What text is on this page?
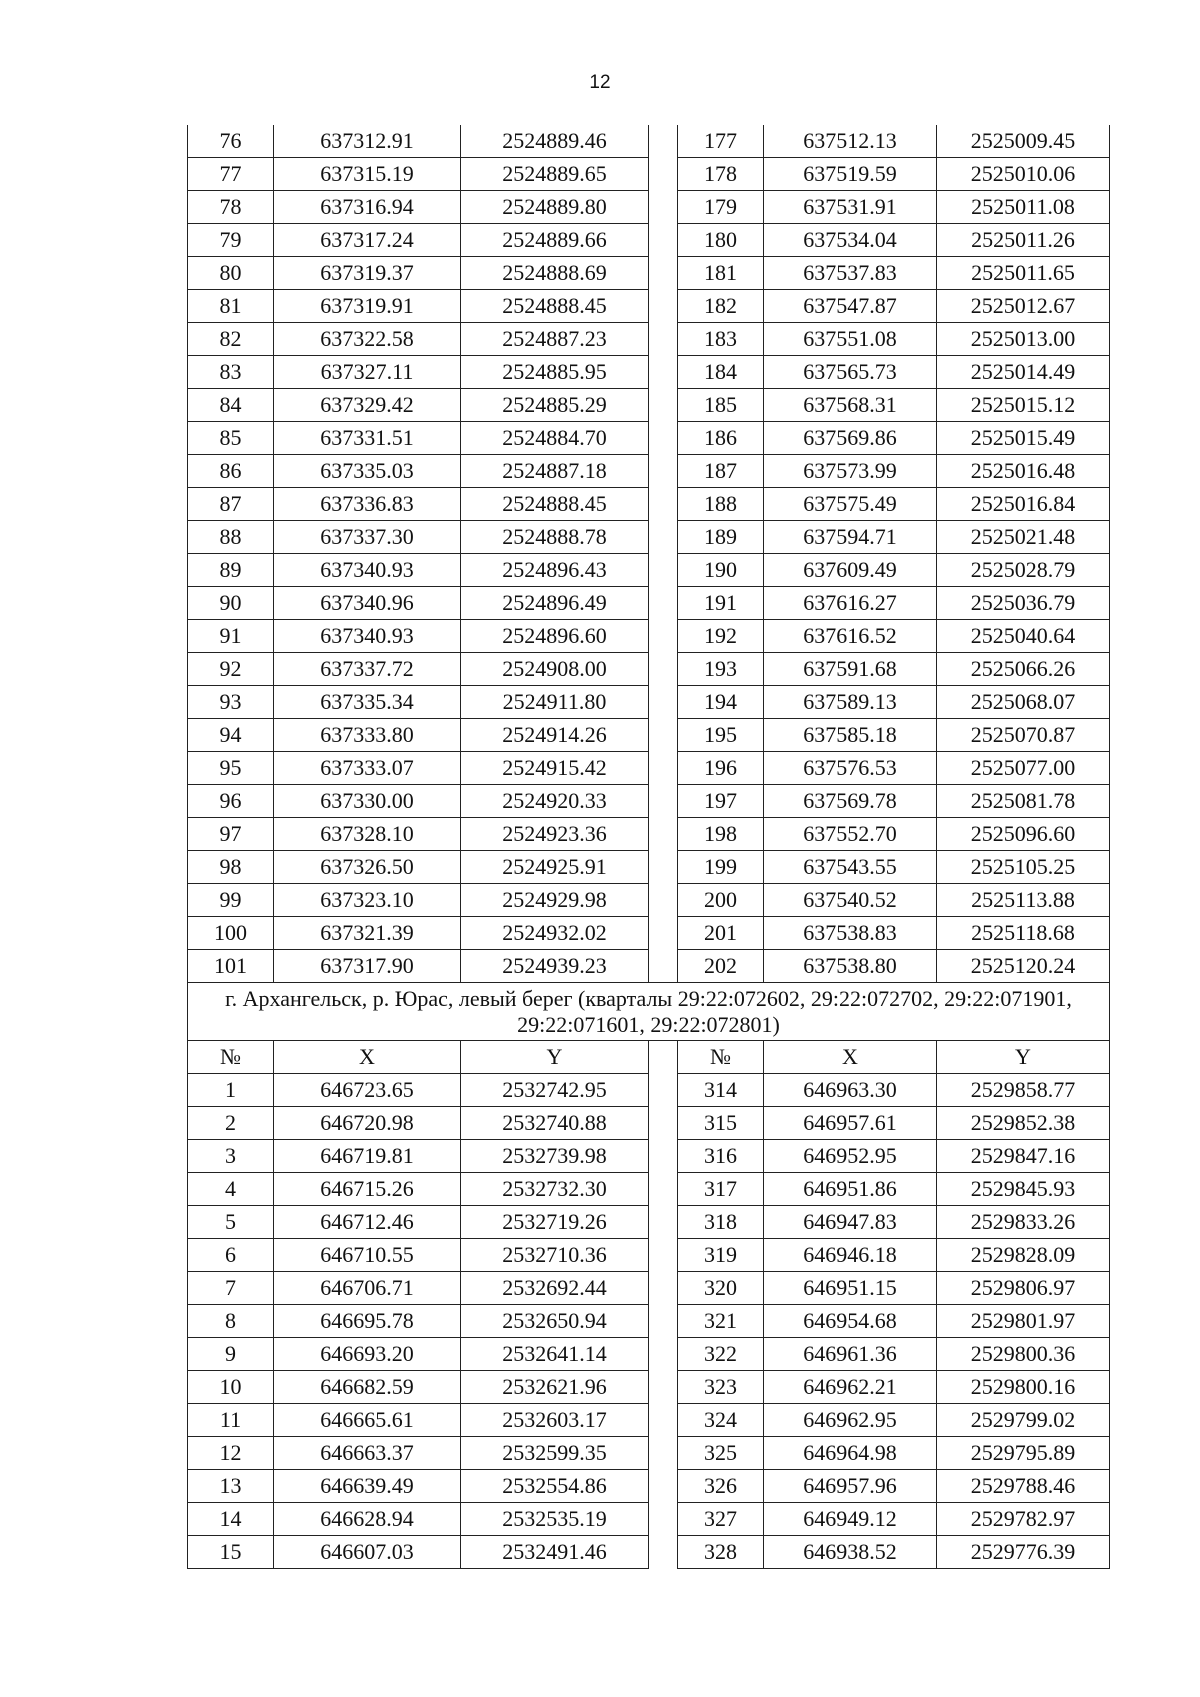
12
76	637312.91	2524889.46		177	637512.13	2525009.45
77	637315.19	2524889.65		178	637519.59	2525010.06
78	637316.94	2524889.80		179	637531.91	2525011.08
79	637317.24	2524889.66		180	637534.04	2525011.26
80	637319.37	2524888.69		181	637537.83	2525011.65
81	637319.91	2524888.45		182	637547.87	2525012.67
82	637322.58	2524887.23		183	637551.08	2525013.00
83	637327.11	2524885.95		184	637565.73	2525014.49
84	637329.42	2524885.29		185	637568.31	2525015.12
85	637331.51	2524884.70		186	637569.86	2525015.49
86	637335.03	2524887.18		187	637573.99	2525016.48
87	637336.83	2524888.45		188	637575.49	2525016.84
88	637337.30	2524888.78		189	637594.71	2525021.48
89	637340.93	2524896.43		190	637609.49	2525028.79
90	637340.96	2524896.49		191	637616.27	2525036.79
91	637340.93	2524896.60		192	637616.52	2525040.64
92	637337.72	2524908.00		193	637591.68	2525066.26
93	637335.34	2524911.80		194	637589.13	2525068.07
94	637333.80	2524914.26		195	637585.18	2525070.87
95	637333.07	2524915.42		196	637576.53	2525077.00
96	637330.00	2524920.33		197	637569.78	2525081.78
97	637328.10	2524923.36		198	637552.70	2525096.60
98	637326.50	2524925.91		199	637543.55	2525105.25
99	637323.10	2524929.98		200	637540.52	2525113.88
100	637321.39	2524932.02		201	637538.83	2525118.68
101	637317.90	2524939.23		202	637538.80	2525120.24
г. Архангельск, р. Юрас, левый берег (кварталы 29:22:072602, 29:22:072702, 29:22:071901, 29:22:071601, 29:22:072801)						
№	X	Y		№	X	Y
1	646723.65	2532742.95		314	646963.30	2529858.77
2	646720.98	2532740.88		315	646957.61	2529852.38
3	646719.81	2532739.98		316	646952.95	2529847.16
4	646715.26	2532732.30		317	646951.86	2529845.93
5	646712.46	2532719.26		318	646947.83	2529833.26
6	646710.55	2532710.36		319	646946.18	2529828.09
7	646706.71	2532692.44		320	646951.15	2529806.97
8	646695.78	2532650.94		321	646954.68	2529801.97
9	646693.20	2532641.14		322	646961.36	2529800.36
10	646682.59	2532621.96		323	646962.21	2529800.16
11	646665.61	2532603.17		324	646962.95	2529799.02
12	646663.37	2532599.35		325	646964.98	2529795.89
13	646639.49	2532554.86		326	646957.96	2529788.46
14	646628.94	2532535.19		327	646949.12	2529782.97
15	646607.03	2532491.46		328	646938.52	2529776.39
